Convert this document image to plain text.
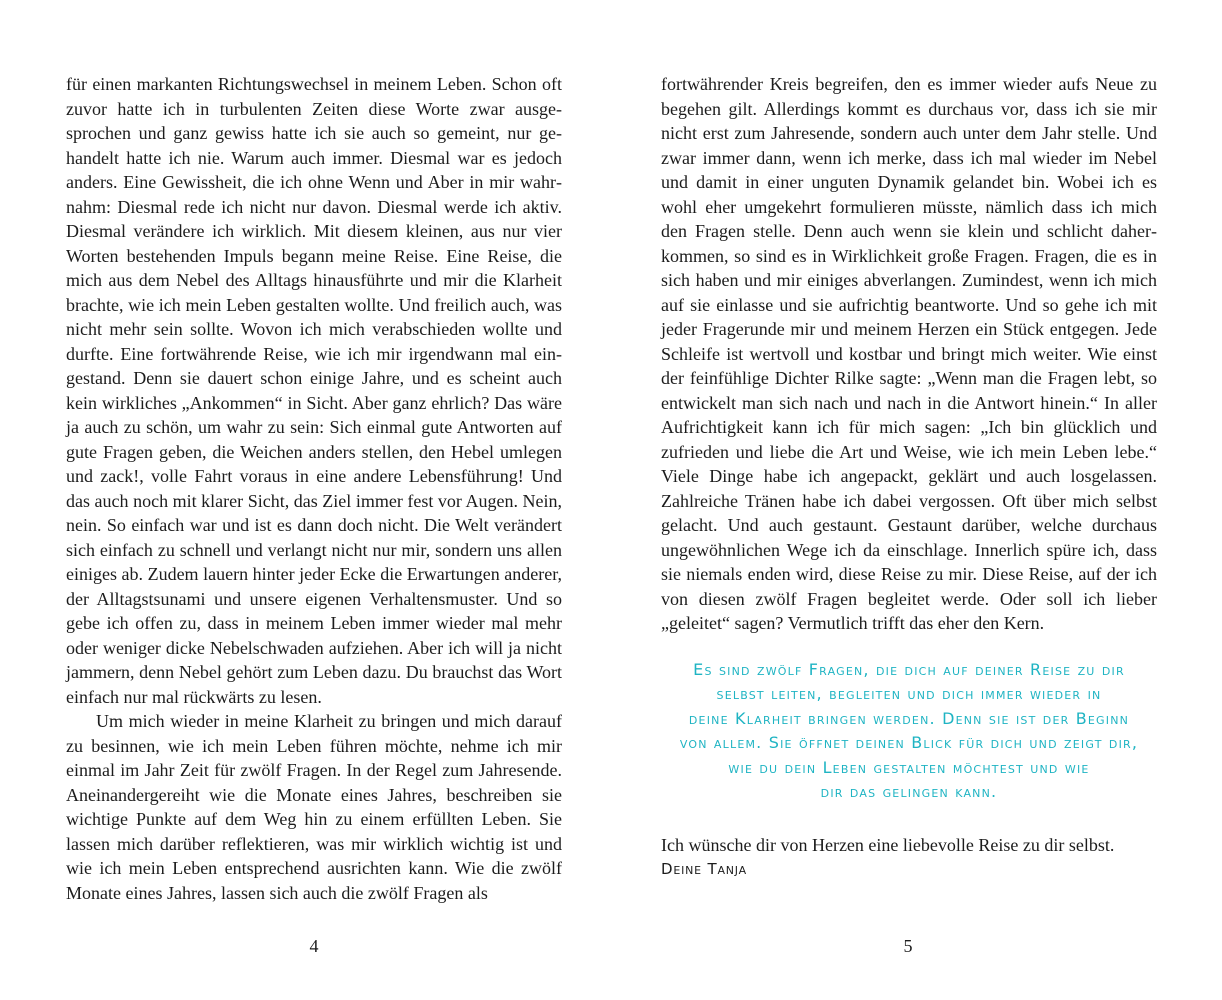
für einen markanten Richtungswechsel in meinem Leben. Schon oft zuvor hatte ich in turbulenten Zeiten diese Worte zwar ausgesprochen und ganz gewiss hatte ich sie auch so gemeint, nur gehandelt hatte ich nie. Warum auch immer. Diesmal war es jedoch anders. Eine Gewissheit, die ich ohne Wenn und Aber in mir wahrnahm: Diesmal rede ich nicht nur davon. Diesmal werde ich aktiv. Diesmal verändere ich wirklich. Mit diesem kleinen, aus nur vier Worten bestehenden Impuls begann meine Reise. Eine Reise, die mich aus dem Nebel des Alltags hinausführte und mir die Klarheit brachte, wie ich mein Leben gestalten wollte. Und freilich auch, was nicht mehr sein sollte. Wovon ich mich verabschieden wollte und durfte. Eine fortwährende Reise, wie ich mir irgendwann mal eingestand. Denn sie dauert schon einige Jahre, und es scheint auch kein wirkliches „Ankommen“ in Sicht. Aber ganz ehrlich? Das wäre ja auch zu schön, um wahr zu sein: Sich einmal gute Antworten auf gute Fragen geben, die Weichen anders stellen, den Hebel umlegen und zack!, volle Fahrt voraus in eine andere Lebensführung! Und das auch noch mit klarer Sicht, das Ziel immer fest vor Augen. Nein, nein. So einfach war und ist es dann doch nicht. Die Welt verändert sich einfach zu schnell und verlangt nicht nur mir, sondern uns allen einiges ab. Zudem lauern hinter jeder Ecke die Erwartungen anderer, der Alltagstsunami und unsere eigenen Verhaltensmuster. Und so gebe ich offen zu, dass in meinem Leben immer wieder mal mehr oder weniger dicke Nebelschwaden aufziehen. Aber ich will ja nicht jammern, denn Nebel gehört zum Leben dazu. Du brauchst das Wort einfach nur mal rückwärts zu lesen.

Um mich wieder in meine Klarheit zu bringen und mich darauf zu besinnen, wie ich mein Leben führen möchte, nehme ich mir einmal im Jahr Zeit für zwölf Fragen. In der Regel zum Jahresende. Aneinandergereiht wie die Monate eines Jahres, beschreiben sie wichtige Punkte auf dem Weg hin zu einem erfüllten Leben. Sie lassen mich darüber reflektieren, was mir wirklich wichtig ist und wie ich mein Leben entsprechend ausrichten kann. Wie die zwölf Monate eines Jahres, lassen sich auch die zwölf Fragen als

fortwährender Kreis begreifen, den es immer wieder aufs Neue zu begehen gilt. Allerdings kommt es durchaus vor, dass ich sie mir nicht erst zum Jahresende, sondern auch unter dem Jahr stelle. Und zwar immer dann, wenn ich merke, dass ich mal wieder im Nebel und damit in einer unguten Dynamik gelandet bin. Wobei ich es wohl eher umgekehrt formulieren müsste, nämlich dass ich mich den Fragen stelle. Denn auch wenn sie klein und schlicht daherkommen, so sind es in Wirklichkeit große Fragen. Fragen, die es in sich haben und mir einiges abverlangen. Zumindest, wenn ich mich auf sie einlasse und sie aufrichtig beantworte. Und so gehe ich mit jeder Fragerunde mir und meinem Herzen ein Stück entgegen. Jede Schleife ist wertvoll und kostbar und bringt mich weiter. Wie einst der feinfühlige Dichter Rilke sagte: „Wenn man die Fragen lebt, so entwickelt man sich nach und nach in die Antwort hinein.“ In aller Aufrichtigkeit kann ich für mich sagen: „Ich bin glücklich und zufrieden und liebe die Art und Weise, wie ich mein Leben lebe.“ Viele Dinge habe ich angepackt, geklärt und auch losgelassen. Zahlreiche Tränen habe ich dabei vergossen. Oft über mich selbst gelacht. Und auch gestaunt. Gestaunt darüber, welche durchaus ungewöhnlichen Wege ich da einschlage. Innerlich spüre ich, dass sie niemals enden wird, diese Reise zu mir. Diese Reise, auf der ich von diesen zwölf Fragen begleitet werde. Oder soll ich lieber „geleitet“ sagen? Vermutlich trifft das eher den Kern.

Es sind zwölf Fragen, die dich auf deiner Reise zu dir
selbst leiten, begleiten und dich immer wieder in
deine Klarheit bringen werden. Denn sie ist der Beginn
von allem. Sie öffnet deinen Blick für dich und zeigt dir,
wie du dein Leben gestalten möchtest und wie
dir das gelingen kann.
Ich wünsche dir von Herzen eine liebevolle Reise zu dir selbst.
Deine Tanja
4	5
